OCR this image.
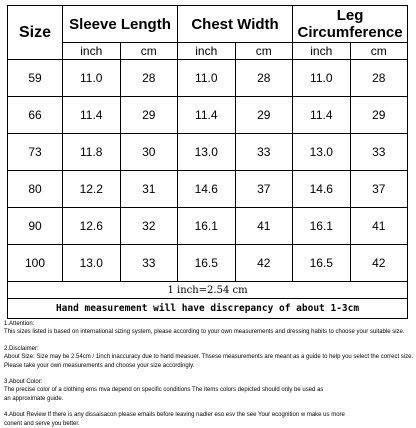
Size	Sleeve Length		Chest Width		Leg Circumference	
	inch	cm	inch	cm	inch	cm
59	11.0	28	11.0	28	11.0	28
66	11.4	29	11.4	29	11.4	29
73	11.8	30	13.0	33	13.0	33
80	12.2	31	14.6	37	14.6	37
90	12.6	32	16.1	41	16.1	41
100	13.0	33	16.5	42	16.5	42
1 inch=2.54 cm						
Hand measurement will have discrepancy of about 1-3cm						

1.Attention:

This sizes listed is based on international sizing system, please according to your own measurements and dressing habits to choose your suitable size.

2.Disclaimer:

About Size: Size may be 2.54cm / 1inch inaccuracy due to hand measuer. Thsese measurements are meant as a guide to help you select the correct size.

Please take your own measurements and choose your size accordingly.

3.About Color:

The precise color of a clothing ems mva depend on specific conditions The items colors depicted should only be used as

an approximate guide.

4.About Review If there is any dissaisacon please emails before leaving nadler eso esv the see Your ecognition w make us more

conent and serve you better.
